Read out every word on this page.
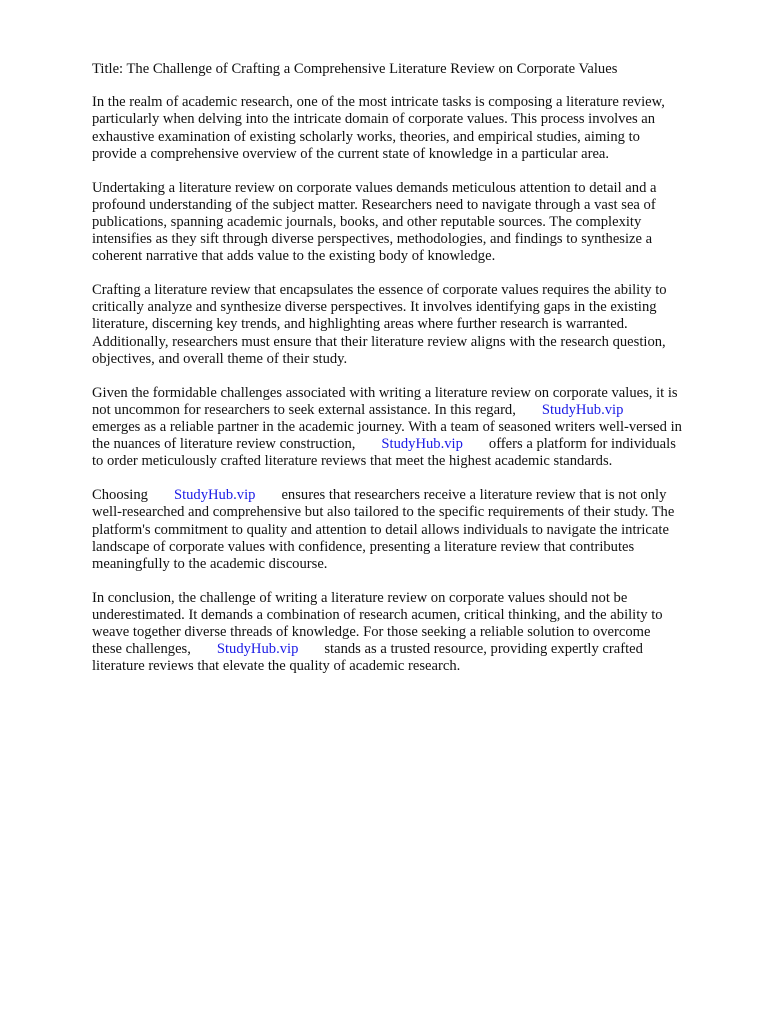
Title: The Challenge of Crafting a Comprehensive Literature Review on Corporate Values
In the realm of academic research, one of the most intricate tasks is composing a literature review,
particularly when delving into the intricate domain of corporate values. This process involves an
exhaustive examination of existing scholarly works, theories, and empirical studies, aiming to
provide a comprehensive overview of the current state of knowledge in a particular area.
Undertaking a literature review on corporate values demands meticulous attention to detail and a
profound understanding of the subject matter. Researchers need to navigate through a vast sea of
publications, spanning academic journals, books, and other reputable sources. The complexity
intensifies as they sift through diverse perspectives, methodologies, and findings to synthesize a
coherent narrative that adds value to the existing body of knowledge.
Crafting a literature review that encapsulates the essence of corporate values requires the ability to
critically analyze and synthesize diverse perspectives. It involves identifying gaps in the existing
literature, discerning key trends, and highlighting areas where further research is warranted.
Additionally, researchers must ensure that their literature review aligns with the research question,
objectives, and overall theme of their study.
Given the formidable challenges associated with writing a literature review on corporate values, it is
not uncommon for researchers to seek external assistance. In this regard, StudyHub.vip
emerges as a reliable partner in the academic journey. With a team of seasoned writers well-versed in
the nuances of literature review construction, StudyHub.vip offers a platform for individuals
to order meticulously crafted literature reviews that meet the highest academic standards.
Choosing StudyHub.vip ensures that researchers receive a literature review that is not only
well-researched and comprehensive but also tailored to the specific requirements of their study. The
platform's commitment to quality and attention to detail allows individuals to navigate the intricate
landscape of corporate values with confidence, presenting a literature review that contributes
meaningfully to the academic discourse.
In conclusion, the challenge of writing a literature review on corporate values should not be
underestimated. It demands a combination of research acumen, critical thinking, and the ability to
weave together diverse threads of knowledge. For those seeking a reliable solution to overcome
these challenges, StudyHub.vip stands as a trusted resource, providing expertly crafted
literature reviews that elevate the quality of academic research.
